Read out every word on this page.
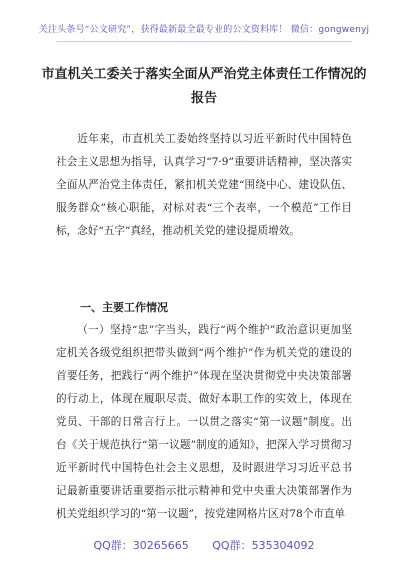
关注头条号“公文研究”，获得最新最全最专业的公文资料库！ 微信：gongwenyj
市直机关工委关于落实全面从严治党主体责任工作情况的
报告

近年来，市直机关工委始终坚持以习近平新时代中国特色社会主义思想为指导，认真学习“7·9”重要讲话精神，坚决落实全面从严治党主体责任，紧扣机关党建“围绕中心、建设队伍、服务群众”核心职能，对标对表“三个表率，一个模范”工作目标，念好“五字”真经，推动机关党的建设提质增效。

一、主要工作情况

（一）坚持“忠”字当头，践行“两个维护”政治意识更加坚定机关各级党组织把带头做到“两个维护”作为机关党的建设的首要任务，把践行“两个维护”体现在坚决贯彻党中央决策部署的行动上，体现在履职尽责、做好本职工作的实效上，体现在党员、干部的日常言行上。一以贯之落实“第一议题”制度。出台《关于规范执行“第一议题”制度的通知》，把深入学习贯彻习近平新时代中国特色社会主义思想，及时跟进学习习近平总书记最新重要讲话重要指示批示精神和党中央重大决策部署作为机关党组织学习的“第一议题”，按党建网格片区对78个市直单

QQ群：30265665 QQ群：535304092
